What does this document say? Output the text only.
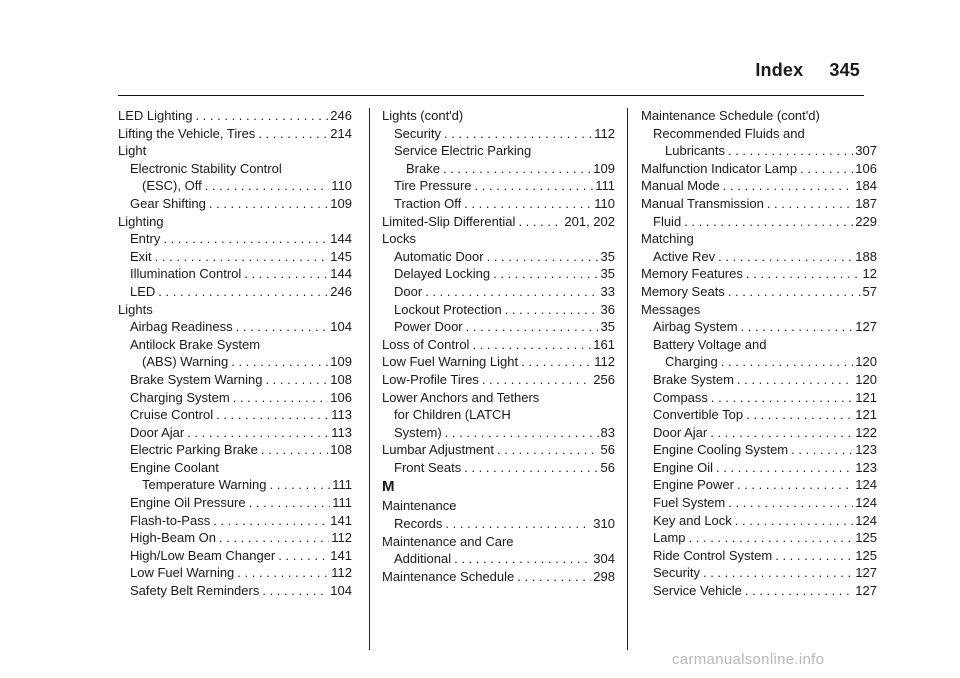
Index 345
LED Lighting . . .	246
Lifting the Vehicle, Tires . . .	214
Light
Electronic Stability Control
(ESC), Off . . .	110
Gear Shifting . . .	109
Lighting
Entry . . .	144
Exit . . .	145
Illumination Control . . .	144
LED . . .	246
Lights
Airbag Readiness . . .	104
Antilock Brake System
(ABS) Warning . . .	109
Brake System Warning . . .	108
Charging System . . .	106
Cruise Control . . .	113
Door Ajar . . .	113
Electric Parking Brake . . .	108
Engine Coolant
Temperature Warning . . .	111
Engine Oil Pressure . . .	111
Flash-to-Pass . . .	141
High-Beam On . . .	112
High/Low Beam Changer . . .	141
Low Fuel Warning . . .	112
Safety Belt Reminders . . .	104
Lights (cont'd)
Security . . .	112
Service Electric Parking
Brake . . .	109
Tire Pressure . . .	111
Traction Off . . .	110
Limited-Slip Differential . . .	201, 202
Locks
Automatic Door . . .	35
Delayed Locking . . .	35
Door . . .	33
Lockout Protection . . .	36
Power Door . . .	35
Loss of Control . . .	161
Low Fuel Warning Light . . .	112
Low-Profile Tires . . .	256
Lower Anchors and Tethers
for Children (LATCH
System) . . .	83
Lumbar Adjustment . . .	56
Front Seats . . .	56
M
Maintenance
Records . . .	310
Maintenance and Care
Additional . . .	304
Maintenance Schedule . . .	298
Maintenance Schedule (cont'd)
Recommended Fluids and
Lubricants . . .	307
Malfunction Indicator Lamp . . .	106
Manual Mode . . .	184
Manual Transmission . . .	187
Fluid . . .	229
Matching
Active Rev . . .	188
Memory Features . . .	12
Memory Seats . . .	57
Messages
Airbag System . . .	127
Battery Voltage and
Charging . . .	120
Brake System . . .	120
Compass . . .	121
Convertible Top . . .	121
Door Ajar . . .	122
Engine Cooling System . . .	123
Engine Oil . . .	123
Engine Power . . .	124
Fuel System . . .	124
Key and Lock . . .	124
Lamp . . .	125
Ride Control System . . .	125
Security . . .	127
Service Vehicle . . .	127
carmanualsonline.info
